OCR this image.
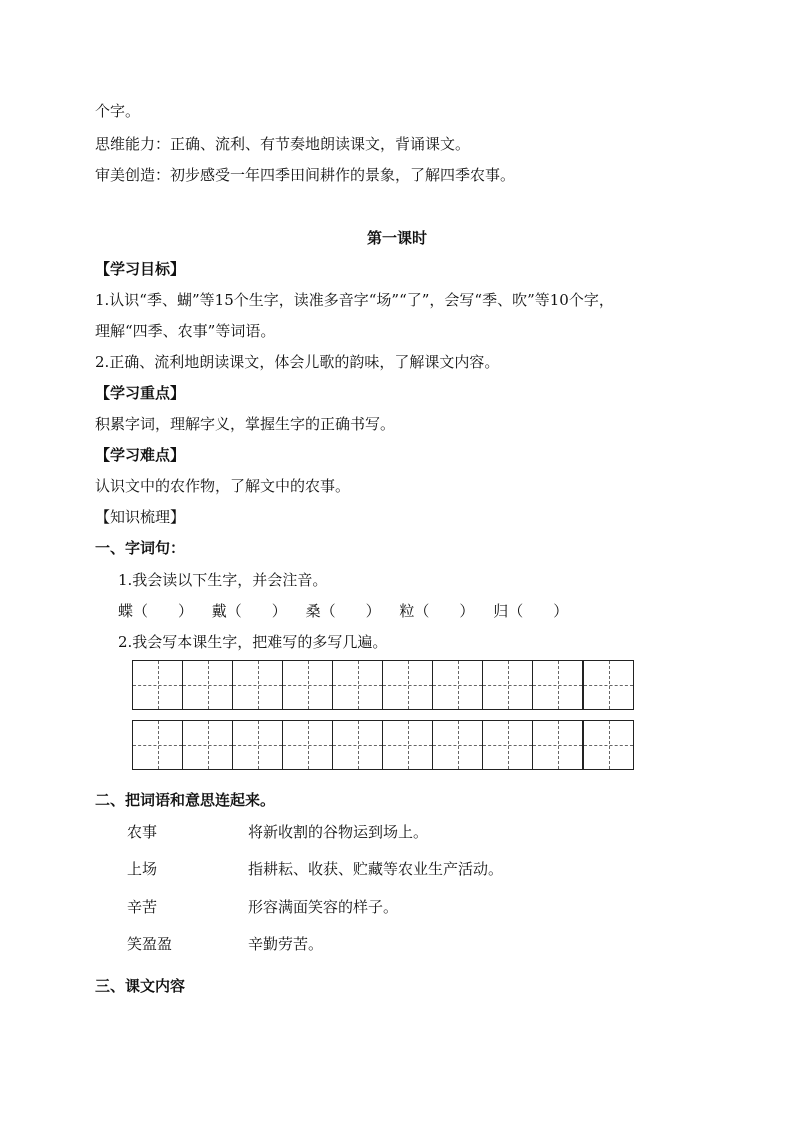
个字。
思维能力：正确、流利、有节奏地朗读课文，背诵课文。
审美创造：初步感受一年四季田间耕作的景象，了解四季农事。
第一课时
【学习目标】
1.认识“季、蝴”等15个生字，读准多音字“场”“了”，会写“季、吹”等10个字，
理解“四季、农事”等词语。
2.正确、流利地朗读课文，体会儿歌的韵味，了解课文内容。
【学习重点】
积累字词，理解字义，掌握生字的正确书写。
【学习难点】
认识文中的农作物，了解文中的农事。
【知识梳理】
一、字词句：
1.我会读以下生字，并会注音。
蝶（　　） 戴（　　） 桑（　　） 粒（　　） 归（　　）
2.我会写本课生字，把难写的多写几遍。
二、把词语和意思连起来。
农事	将新收割的谷物运到场上。
上场	指耕耘、收获、贮藏等农业生产活动。
辛苦	形容满面笑容的样子。
笑盈盈	辛勤劳苦。
三、课文内容
